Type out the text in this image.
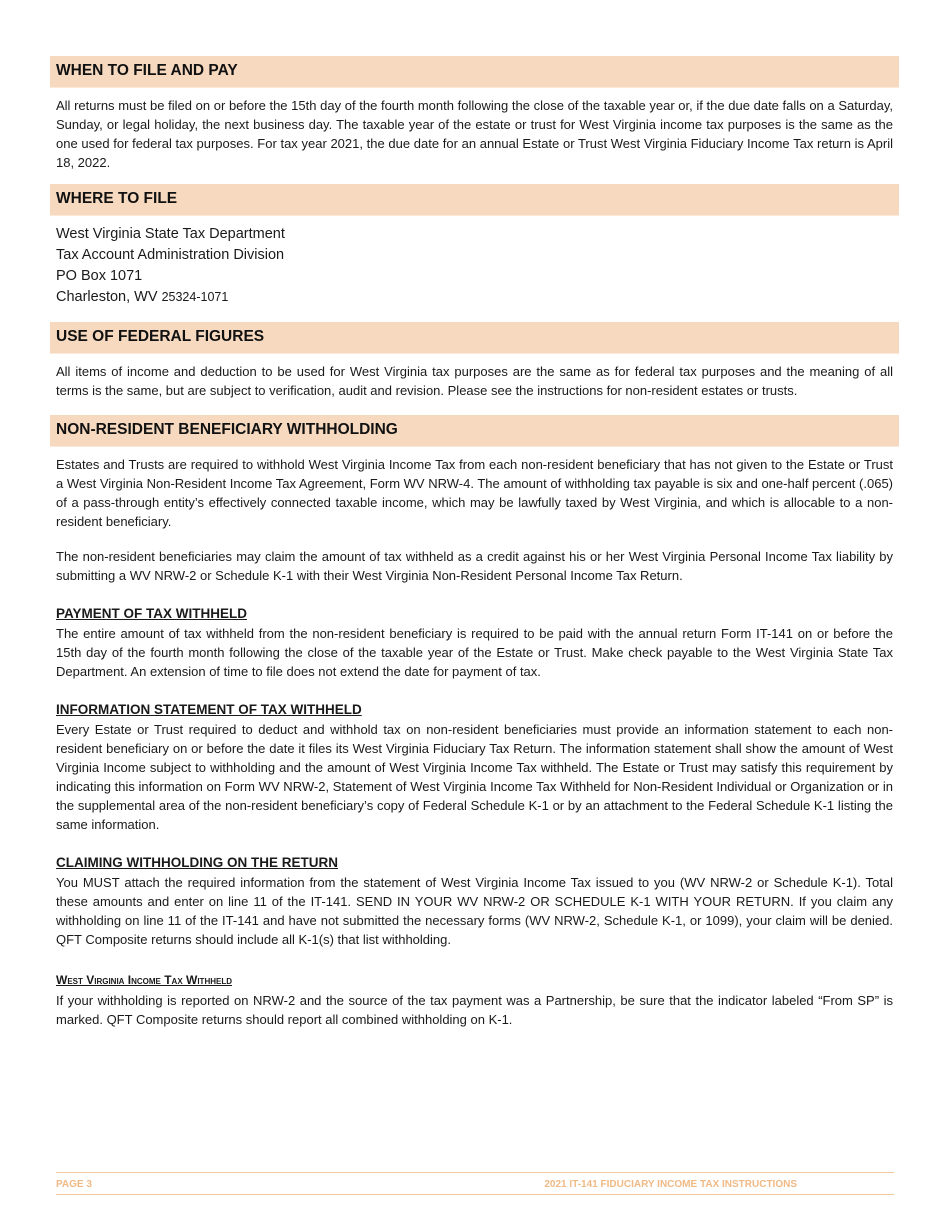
WHEN TO FILE AND PAY

All returns must be filed on or before the 15th day of the fourth month following the close of the taxable year or, if the due date falls on a Saturday, Sunday, or legal holiday, the next business day. The taxable year of the estate or trust for West Virginia income tax purposes is the same as the one used for federal tax purposes. For tax year 2021, the due date for an annual Estate or Trust West Virginia Fiduciary Income Tax return is April 18, 2022.

WHERE TO FILE
West Virginia State Tax Department
Tax Account Administration Division
PO Box 1071
Charleston, WV 25324-1071
USE OF FEDERAL FIGURES

All items of income and deduction to be used for West Virginia tax purposes are the same as for federal tax purposes and the meaning of all terms is the same, but are subject to verification, audit and revision. Please see the instructions for non-resident estates or trusts.

NON-RESIDENT BENEFICIARY WITHHOLDING

Estates and Trusts are required to withhold West Virginia Income Tax from each non-resident beneficiary that has not given to the Estate or Trust a West Virginia Non-Resident Income Tax Agreement, Form WV NRW-4. The amount of withholding tax payable is six and one-half percent (.065) of a pass-through entity’s effectively connected taxable income, which may be lawfully taxed by West Virginia, and which is allocable to a non-resident beneficiary.

The non-resident beneficiaries may claim the amount of tax withheld as a credit against his or her West Virginia Personal Income Tax liability by submitting a WV NRW-2 or Schedule K-1 with their West Virginia Non-Resident Personal Income Tax Return.

PAYMENT OF TAX WITHHELD

The entire amount of tax withheld from the non-resident beneficiary is required to be paid with the annual return Form IT-141 on or before the 15th day of the fourth month following the close of the taxable year of the Estate or Trust. Make check payable to the West Virginia State Tax Department. An extension of time to file does not extend the date for payment of tax.

INFORMATION STATEMENT OF TAX WITHHELD

Every Estate or Trust required to deduct and withhold tax on non-resident beneficiaries must provide an information statement to each non-resident beneficiary on or before the date it files its West Virginia Fiduciary Tax Return. The information statement shall show the amount of West Virginia Income subject to withholding and the amount of West Virginia Income Tax withheld. The Estate or Trust may satisfy this requirement by indicating this information on Form WV NRW-2, Statement of West Virginia Income Tax Withheld for Non-Resident Individual or Organization or in the supplemental area of the non-resident beneficiary’s copy of Federal Schedule K-1 or by an attachment to the Federal Schedule K-1 listing the same information.

CLAIMING WITHHOLDING ON THE RETURN

You MUST attach the required information from the statement of West Virginia Income Tax issued to you (WV NRW-2 or Schedule K-1). Total these amounts and enter on line 11 of the IT-141. SEND IN YOUR WV NRW-2 OR SCHEDULE K-1 WITH YOUR RETURN. If you claim any withholding on line 11 of the IT-141 and have not submitted the necessary forms (WV NRW-2, Schedule K-1, or 1099), your claim will be denied. QFT Composite returns should include all K-1(s) that list withholding.

West Virginia Income Tax Withheld

If your withholding is reported on NRW-2 and the source of the tax payment was a Partnership, be sure that the indicator labeled “From SP” is marked. QFT Composite returns should report all combined withholding on K-1.

PAGE 3	2021 IT-141 FIDUCIARY INCOME TAX INSTRUCTIONS
